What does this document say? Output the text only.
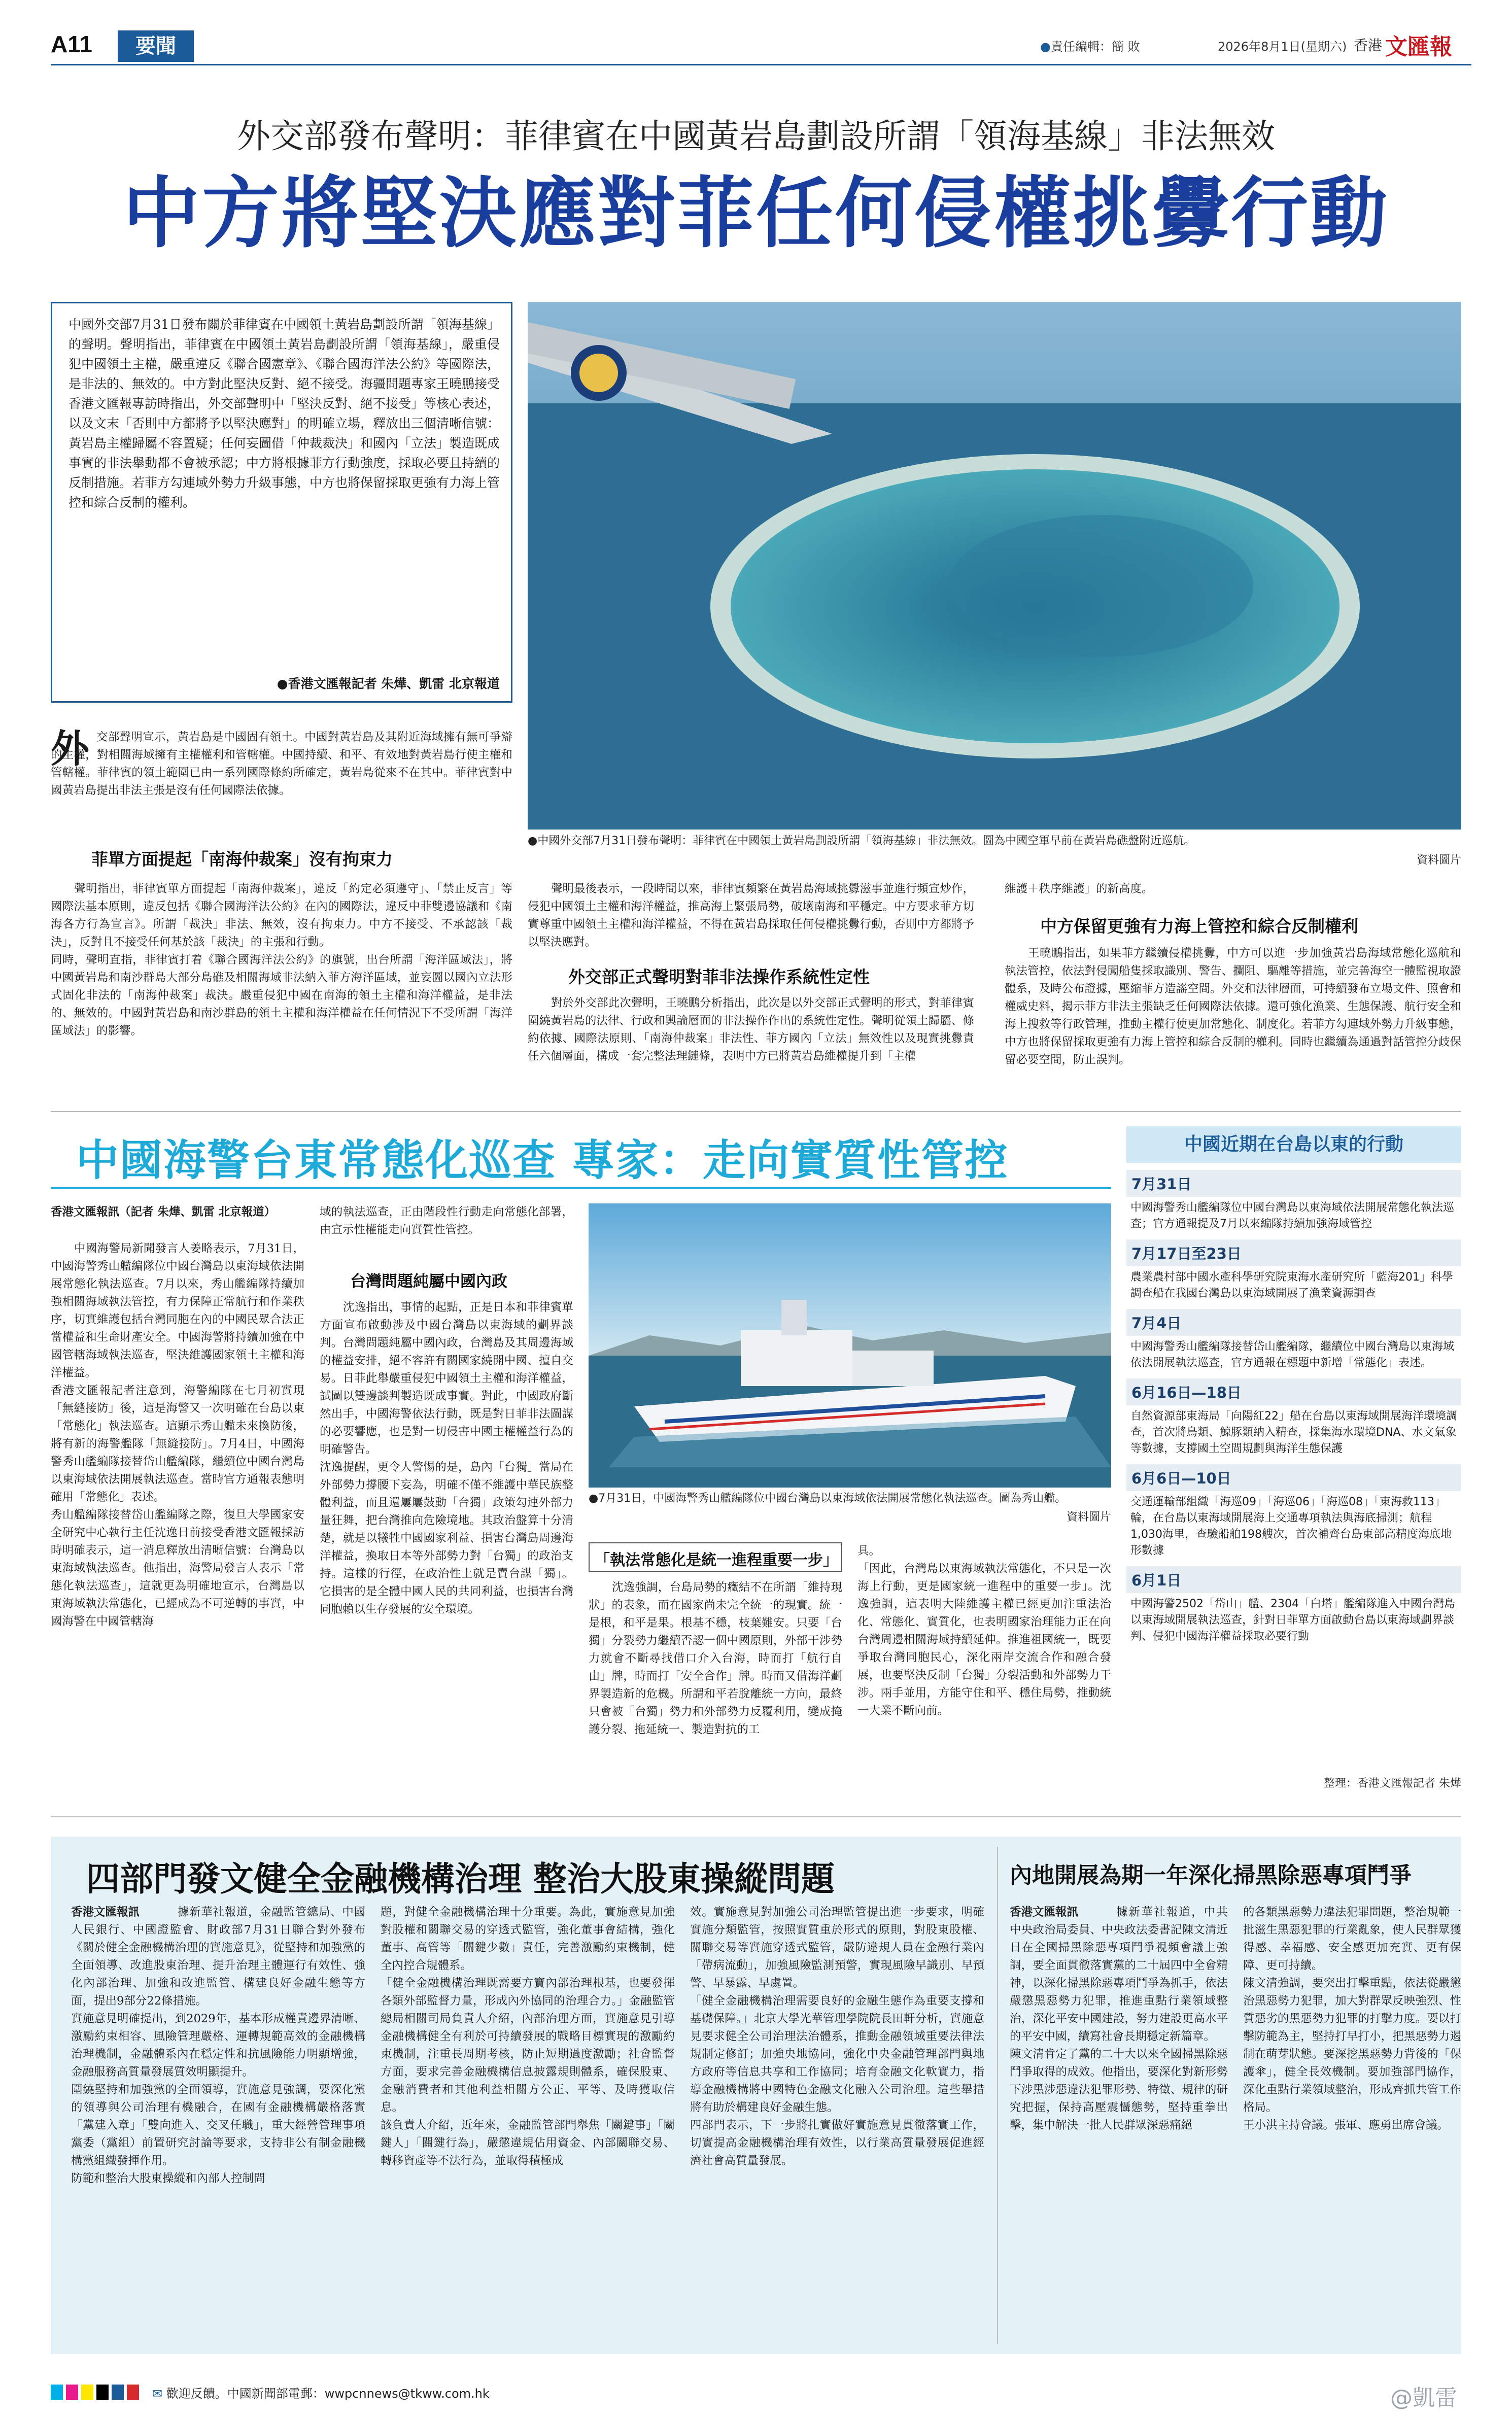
A11	要聞	●責任編輯：簡 敗	2026年8月1日(星期六) 香港 文匯報
外交部發布聲明：菲律賓在中國黃岩島劃設所謂「領海基線」非法無效
中方將堅決應對菲任何侵權挑釁行動
中國外交部7月31日發布關於菲律賓在中國領土黃岩島劃設所謂「領海基線」的聲明。聲明指出，菲律賓在中國領土黃岩島劃設所謂「領海基線」，嚴重侵犯中國領土主權，嚴重違反《聯合國憲章》、《聯合國海洋法公約》等國際法，是非法的、無效的。中方對此堅決反對、絕不接受。海疆問題專家王曉鵬接受香港文匯報專訪時指出，外交部聲明中「堅決反對、絕不接受」等核心表述，以及文末「否則中方都將予以堅決應對」的明確立場，釋放出三個清晰信號：黃岩島主權歸屬不容置疑；任何妄圖借「仲裁裁決」和國內「立法」製造既成事實的非法舉動都不會被承認；中方將根據菲方行動強度，採取必要且持續的反制措施。若菲方勾連域外勢力升級事態，中方也將保留採取更強有力海上管控和綜合反制的權利。
●香港文匯報記者 朱燁、凱雷 北京報道
●中國外交部7月31日發布聲明：菲律賓在中國領土黃岩島劃設所謂「領海基線」非法無效。圖為中國空軍早前在黃岩島礁盤附近巡航。
資料圖片
外 交部聲明宣示，黃岩島是中國固有領土。中國對黃岩島及其附近海域擁有無可爭辯的主權，對相關海域擁有主權權利和管轄權。中國持續、和平、有效地對黃岩島行使主權和管轄權。菲律賓的領土範圍已由一系列國際條約所確定，黃岩島從來不在其中。菲律賓對中國黃岩島提出非法主張是沒有任何國際法依據。
菲單方面提起「南海仲裁案」沒有拘束力
聲明指出，菲律賓單方面提起「南海仲裁案」，違反「約定必須遵守」、「禁止反言」等國際法基本原則，違反包括《聯合國海洋法公約》在內的國際法，違反中菲雙邊協議和《南海各方行為宣言》。所謂「裁決」非法、無效，沒有拘束力。中方不接受、不承認該「裁決」，反對且不接受任何基於該「裁決」的主張和行動。
同時，聲明直指，菲律賓打着《聯合國海洋法公約》的旗號，出台所謂「海洋區域法」，將中國黃岩島和南沙群島大部分島礁及相關海域非法納入菲方海洋區域，並妄圖以國內立法形式固化非法的「南海仲裁案」裁決。嚴重侵犯中國在南海的領土主權和海洋權益，是非法的、無效的。中國對黃岩島和南沙群島的領土主權和海洋權益在任何情況下不受所謂「海洋區域法」的影響。
聲明最後表示，一段時間以來，菲律賓頻繁在黃岩島海域挑釁滋事並進行頻宣炒作，侵犯中國領土主權和海洋權益，推高海上緊張局勢，破壞南海和平穩定。中方要求菲方切實尊重中國領土主權和海洋權益，不得在黃岩島採取任何侵權挑釁行動，否則中方都將予以堅決應對。
外交部正式聲明對菲非法操作系統性定性
對於外交部此次聲明，王曉鵬分析指出，此次是以外交部正式聲明的形式，對菲律賓圍繞黃岩島的法律、行政和輿論層面的非法操作作出的系統性定性。聲明從領土歸屬、條約依據、國際法原則、「南海仲裁案」非法性、菲方國內「立法」無效性以及現實挑釁責任六個層面，構成一套完整法理鏈條，表明中方已將黃岩島維權提升到「主權
維護＋秩序維護」的新高度。
中方保留更強有力海上管控和綜合反制權利
王曉鵬指出，如果菲方繼續侵權挑釁，中方可以進一步加強黃岩島海域常態化巡航和執法管控，依法對侵闖船隻採取識別、警告、攔阻、驅離等措施，並完善海空一體監視取證體系，及時公布證據，壓縮菲方造謠空間。外交和法律層面，可持續發布立場文件、照會和權威史料，揭示菲方非法主張缺乏任何國際法依據。還可強化漁業、生態保護、航行安全和海上搜救等行政管理，推動主權行使更加常態化、制度化。若菲方勾連域外勢力升級事態，中方也將保留採取更強有力海上管控和綜合反制的權利。同時也繼續為通過對話管控分歧保留必要空間，防止誤判。
中國海警台東常態化巡查 專家：走向實質性管控
香港文匯報訊（記者 朱燁、凱雷 北京報道）
中國海警局新聞發言人姜略表示，7月31日，中國海警秀山艦編隊位中國台灣島以東海域依法開展常態化執法巡查。7月以來，秀山艦編隊持續加強相關海域執法管控，有力保障正常航行和作業秩序，切實維護包括台灣同胞在內的中國民眾合法正當權益和生命財產安全。中國海警將持續加強在中國管轄海域執法巡查，堅決維護國家領土主權和海洋權益。
香港文匯報記者注意到，海警編隊在七月初實現「無縫接防」後，這是海警又一次明確在台島以東「常態化」執法巡查。這顯示秀山艦未來換防後，將有新的海警艦隊「無縫接防」。7月4日，中國海警秀山艦編隊接替岱山艦編隊，繼續位中國台灣島以東海域依法開展執法巡查。當時官方通報表態明確用「常態化」表述。
秀山艦編隊接替岱山艦編隊之際，復旦大學國家安全研究中心執行主任沈逸日前接受香港文匯報採訪時明確表示，這一消息釋放出清晰信號：台灣島以東海域執法巡查。他指出，海警局發言人表示「常態化執法巡查」，這就更為明確地宣示，台灣島以東海域執法常態化，已經成為不可逆轉的事實，中國海警在中國管轄海
域的執法巡查，正由階段性行動走向常態化部署，由宣示性權能走向實質性管控。
台灣問題純屬中國內政
沈逸指出，事情的起點，正是日本和菲律賓單方面宣布啟動涉及中國台灣島以東海域的劃界談判。台灣問題純屬中國內政，台灣島及其周邊海域的權益安排，絕不容許有關國家繞開中國、擅自交易。日菲此舉嚴重侵犯中國領土主權和海洋權益，試圖以雙邊談判製造既成事實。對此，中國政府斷然出手，中國海警依法行動，既是對日菲非法圖謀的必要響應，也是對一切侵害中國主權權益行為的明確警告。
沈逸提醒，更令人警惕的是，島內「台獨」當局在外部勢力撐腰下妄為，明確不僅不維護中華民族整體利益，而且還屢屢鼓動「台獨」政策勾連外部力量狂舞，把台灣推向危險境地。其政治盤算十分清楚，就是以犧牲中國國家利益、損害台灣島周邊海洋權益，換取日本等外部勢力對「台獨」的政治支持。這樣的行徑，在政治性上就是賣台謀「獨」。它損害的是全體中國人民的共同利益，也損害台灣同胞賴以生存發展的安全環境。
●7月31日，中國海警秀山艦編隊位中國台灣島以東海域依法開展常態化執法巡查。圖為秀山艦。
資料圖片
「執法常態化是統一進程重要一步」
沈逸強調，台島局勢的癥結不在所謂「維持現狀」的表象，而在國家尚未完全統一的現實。統一是根，和平是果。根基不穩，枝葉難安。只要「台獨」分裂勢力繼續否認一個中國原則，外部干涉勢力就會不斷尋找借口介入台海，時而打「航行自由」牌，時而打「安全合作」牌。時而又借海洋劃界製造新的危機。所謂和平若脫離統一方向，最終只會被「台獨」勢力和外部勢力反覆利用，變成掩護分裂、拖延統一、製造對抗的工
具。
「因此，台灣島以東海域執法常態化，不只是一次海上行動，更是國家統一進程中的重要一步」。沈逸強調，這表明大陸維護主權已經更加注重法治化、常態化、實質化，也表明國家治理能力正在向台灣周邊相關海域持續延伸。推進祖國統一，既要爭取台灣同胞民心，深化兩岸交流合作和融合發展，也要堅決反制「台獨」分裂活動和外部勢力干涉。兩手並用，方能守住和平、穩住局勢，推動統一大業不斷向前。
中國近期在台島以東的行動
7月31日
中國海警秀山艦編隊位中國台灣島以東海域依法開展常態化執法巡查；官方通報提及7月以來編隊持續加強海域管控
7月17日至23日
農業農村部中國水產科學研究院東海水產研究所「藍海201」科學調查船在我國台灣島以東海域開展了漁業資源調查
7月4日
中國海警秀山艦編隊接替岱山艦編隊，繼續位中國台灣島以東海域依法開展執法巡查，官方通報在標題中新增「常態化」表述。
6月16日—18日
自然資源部東海局「向陽紅22」船在台島以東海域開展海洋環境調查，首次將鳥類、鯨豚類納入精查，採集海水環境DNA、水文氣象等數據，支撐國土空間規劃與海洋生態保護
6月6日—10日
交通運輸部組織「海巡09」「海巡06」「海巡08」「東海救113」輪，在台島以東海域開展海上交通專項執法與海底掃測；航程1,030海里，查驗船舶198艘次，首次補齊台島東部高精度海底地形數據
6月1日
中國海警2502「岱山」艦、2304「白塔」艦編隊進入中國台灣島以東海域開展執法巡查，針對日菲單方面啟動台島以東海域劃界談判、侵犯中國海洋權益採取必要行動
整理：香港文匯報記者 朱燁
四部門發文健全金融機構治理 整治大股東操縱問題
香港文匯報訊	據新華社報道，金融監管總局、中國人民銀行、中國證監會、財政部7月31日聯合對外發布《關於健全金融機構治理的實施意見》，從堅持和加強黨的全面領導、改進股東治理、提升治理主體運行有效性、強化內部治理、加強和改進監管、構建良好金融生態等方面，提出9部分22條措施。
實施意見明確提出，到2029年，基本形成權責邊界清晰、激勵約束相容、風險管理嚴格、運轉規範高效的金融機構治理機制，金融體系內在穩定性和抗風險能力明顯增強，金融服務高質量發展質效明顯提升。
圍繞堅持和加強黨的全面領導，實施意見強調，要深化黨的領導與公司治理有機融合，在國有金融機構嚴格落實「黨建入章」「雙向進入、交叉任職」，重大經營管理事項黨委（黨組）前置研究討論等要求，支持非公有制金融機構黨組織發揮作用。
防範和整治大股東操縱和內部人控制問
題，對健全金融機構治理十分重要。為此，實施意見加強對股權和關聯交易的穿透式監管，強化董事會結構，強化董事、高管等「關鍵少數」責任，完善激勵約束機制，健全內控合規體系。
「健全金融機構治理既需要方寶內部治理根基，也要發揮各類外部監督力量，形成內外協同的治理合力。」金融監管總局相關司局負責人介紹，內部治理方面，實施意見引導金融機構健全有利於可持續發展的戰略目標實現的激勵約束機制，注重長周期考核，防止短期過度激勵；社會監督方面，要求完善金融機構信息披露規則體系，確保股東、金融消費者和其他利益相關方公正、平等、及時獲取信息。
該負責人介紹，近年來，金融監管部門舉焦「關鍵事」「關鍵人」「關鍵行為」，嚴懲違規佔用資金、內部關聯交易、轉移資產等不法行為，並取得積極成
效。實施意見對加強公司治理監管提出進一步要求，明確實施分類監管，按照實質重於形式的原則，對股東股權、關聯交易等實施穿透式監管，嚴防違規人員在金融行業內「帶病流動」，加強風險監測預警，實現風險早識別、早預警、早暴露、早處置。
「健全金融機構治理需要良好的金融生態作為重要支撐和基礎保障。」北京大學光華管理學院院長田軒分析，實施意見要求健全公司治理法治體系，推動金融領域重要法律法規制定修訂；加強央地協同，強化中央金融管理部門與地方政府等信息共享和工作協同；培育金融文化軟實力，指導金融機構將中國特色金融文化融入公司治理。這些舉措將有助於構建良好金融生態。
四部門表示，下一步將扎實做好實施意見貫徹落實工作，切實提高金融機構治理有效性，以行業高質量發展促進經濟社會高質量發展。
內地開展為期一年深化掃黑除惡專項鬥爭
香港文匯報訊	據新華社報道，中共中央政治局委員、中央政法委書記陳文清近日在全國掃黑除惡專項鬥爭視頻會議上強調，要全面貫徹落實黨的二十屆四中全會精神，以深化掃黑除惡專項鬥爭為抓手，依法嚴懲黑惡勢力犯罪，推進重點行業領域整治，深化平安中國建設，努力建設更高水平的平安中國，續寫社會長期穩定新篇章。
陳文清肯定了黨的二十大以來全國掃黑除惡鬥爭取得的成效。他指出，要深化對新形勢下涉黑涉惡違法犯罪形勢、特徵、規律的研究把握，保持高壓震懾態勢，堅持重拳出擊，集中解決一批人民群眾深惡痛絕
的各類黑惡勢力違法犯罪問題，整治規範一批滋生黑惡犯罪的行業亂象，使人民群眾獲得感、幸福感、安全感更加充實、更有保障、更可持續。
陳文清強調，要突出打擊重點，依法從嚴懲治黑惡勢力犯罪，加大對群眾反映強烈、性質惡劣的黑惡勢力犯罪的打擊力度。要以打擊防範為主，堅持打早打小，把黑惡勢力遏制在萌芽狀態。要深挖黑惡勢力背後的「保護傘」，健全長效機制。要加強部門協作，深化重點行業領域整治，形成齊抓共管工作格局。
王小洪主持會議。張軍、應勇出席會議。
✉ 歡迎反饋。中國新聞部電郵：wwpcnnews@tkww.com.hk	@凱雷
